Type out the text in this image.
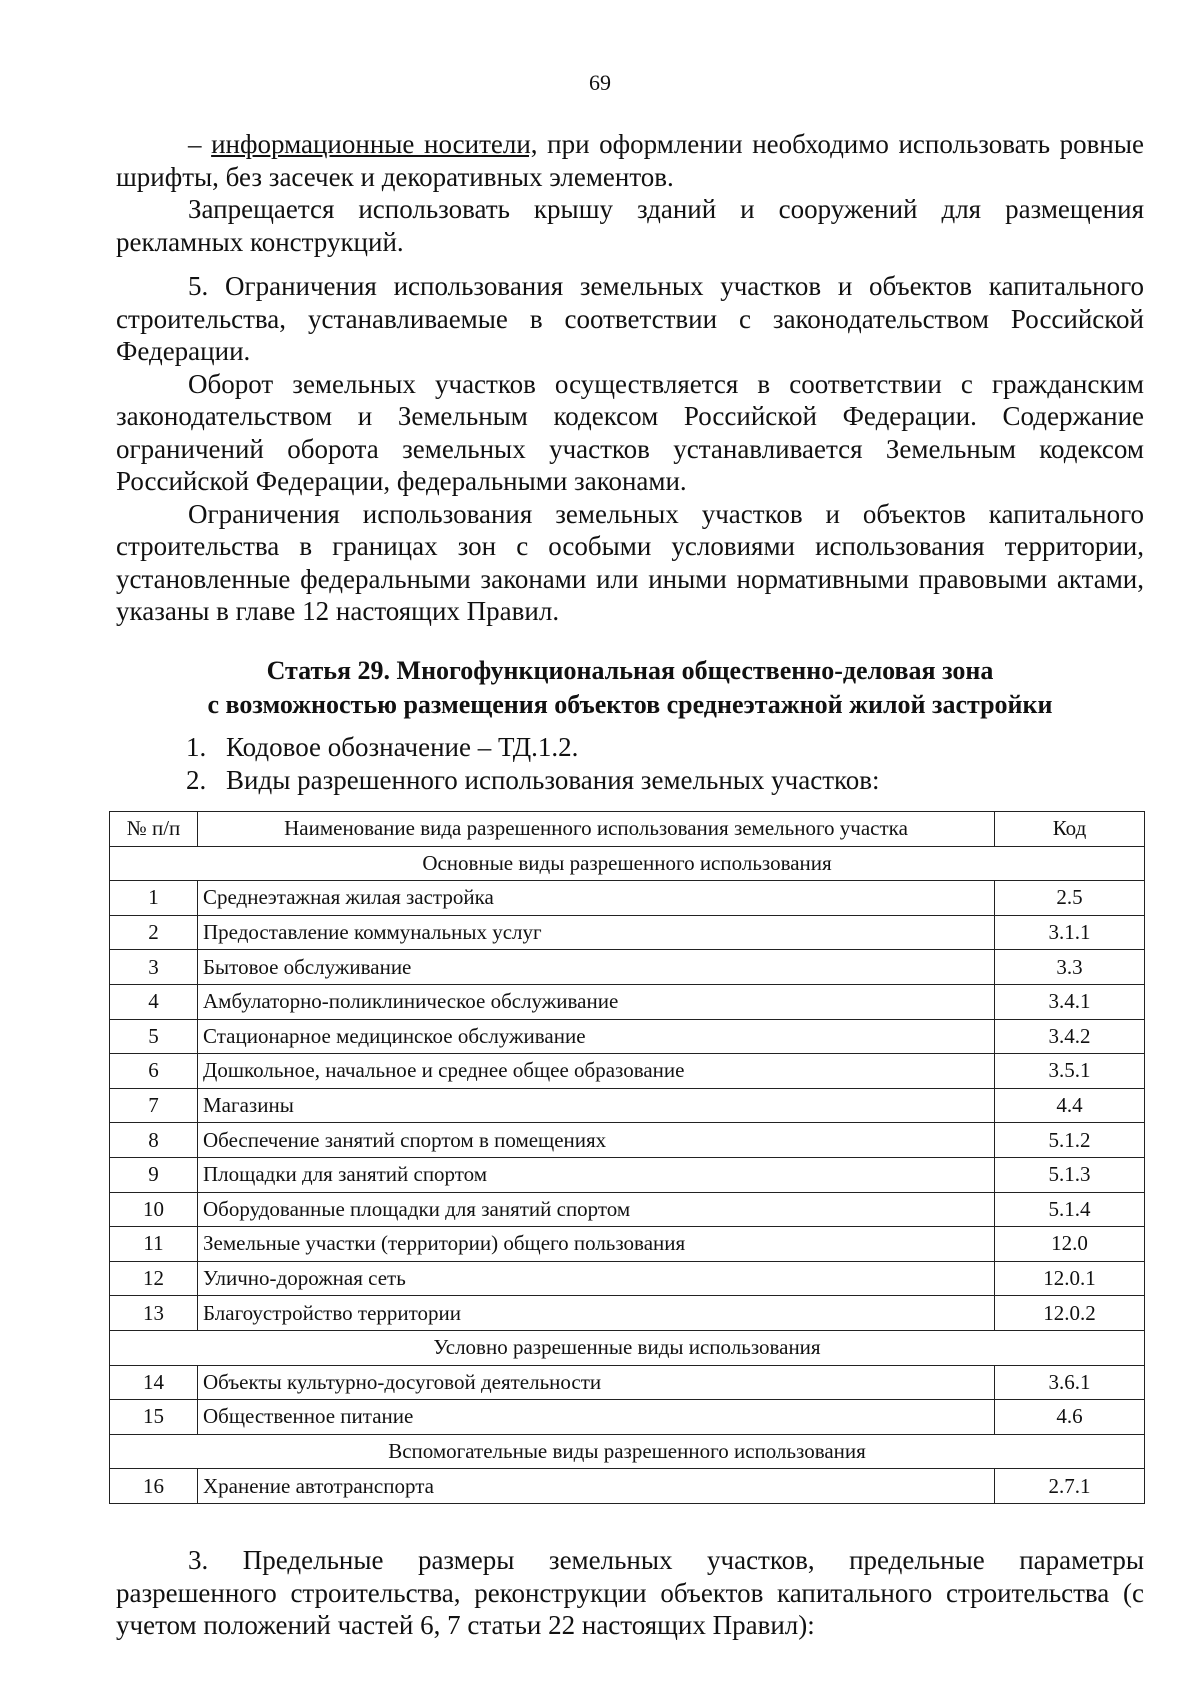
69

– информационные носители, при оформлении необходимо использовать ровные шрифты, без засечек и декоративных элементов.

Запрещается использовать крышу зданий и сооружений для размещения рекламных конструкций.

5. Ограничения использования земельных участков и объектов капитального строительства, устанавливаемые в соответствии с законодательством Российской Федерации.

Оборот земельных участков осуществляется в соответствии с гражданским законодательством и Земельным кодексом Российской Федерации. Содержание ограничений оборота земельных участков устанавливается Земельным кодексом Российской Федерации, федеральными законами.

Ограничения использования земельных участков и объектов капитального строительства в границах зон с особыми условиями использования территории, установленные федеральными законами или иными нормативными правовыми актами, указаны в главе 12 настоящих Правил.

Статья 29. Многофункциональная общественно-деловая зона
с возможностью размещения объектов среднеэтажной жилой застройки
1. Кодовое обозначение – ТД.1.2.
2. Виды разрешенного использования земельных участков:
№ п/п	Наименование вида разрешенного использования земельного участка	Код
Основные виды разрешенного использования		
1	Среднеэтажная жилая застройка	2.5
2	Предоставление коммунальных услуг	3.1.1
3	Бытовое обслуживание	3.3
4	Амбулаторно-поликлиническое обслуживание	3.4.1
5	Стационарное медицинское обслуживание	3.4.2
6	Дошкольное, начальное и среднее общее образование	3.5.1
7	Магазины	4.4
8	Обеспечение занятий спортом в помещениях	5.1.2
9	Площадки для занятий спортом	5.1.3
10	Оборудованные площадки для занятий спортом	5.1.4
11	Земельные участки (территории) общего пользования	12.0
12	Улично-дорожная сеть	12.0.1
13	Благоустройство территории	12.0.2
Условно разрешенные виды использования		
14	Объекты культурно-досуговой деятельности	3.6.1
15	Общественное питание	4.6
Вспомогательные виды разрешенного использования		
16	Хранение автотранспорта	2.7.1

3. Предельные размеры земельных участков, предельные параметры разрешенного строительства, реконструкции объектов капитального строительства (с учетом положений частей 6, 7 статьи 22 настоящих Правил):
